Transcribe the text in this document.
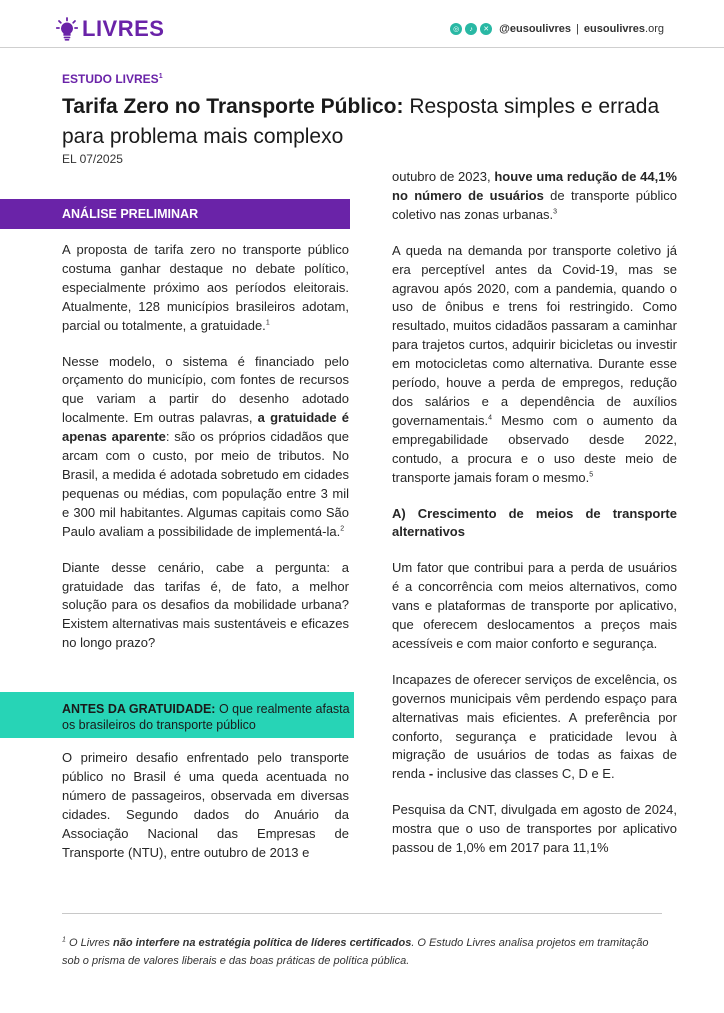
LIVRES	◎	♪	✕ @eusoulivres | eusoulivres.org
ESTUDO LIVRES$^1$
Tarifa Zero no Transporte Público: Resposta simples e errada para problema mais complexo
EL 07/2025
ANÁLISE PRELIMINAR

A proposta de tarifa zero no transporte público costuma ganhar destaque no debate político, especialmente próximo aos períodos eleitorais. Atualmente, 128 municípios brasileiros adotam, parcial ou totalmente, a gratuidade.$^1$

Nesse modelo, o sistema é financiado pelo orçamento do município, com fontes de recursos que variam a partir do desenho adotado localmente. Em outras palavras, a gratuidade é apenas aparente: são os próprios cidadãos que arcam com o custo, por meio de tributos. No Brasil, a medida é adotada sobretudo em cidades pequenas ou médias, com população entre 3 mil e 300 mil habitantes. Algumas capitais como São Paulo avaliam a possibilidade de implementá-la.$^2$

Diante desse cenário, cabe a pergunta: a gratuidade das tarifas é, de fato, a melhor solução para os desafios da mobilidade urbana? Existem alternativas mais sustentáveis e eficazes no longo prazo?

ANTES DA GRATUIDADE: O que realmente afasta os brasileiros do transporte público

O primeiro desafio enfrentado pelo transporte público no Brasil é uma queda acentuada no número de passageiros, observada em diversas cidades. Segundo dados do Anuário da Associação Nacional das Empresas de Transporte (NTU), entre outubro de 2013 e

outubro de 2023, houve uma redução de 44,1% no número de usuários de transporte público coletivo nas zonas urbanas.$^3$

A queda na demanda por transporte coletivo já era perceptível antes da Covid-19, mas se agravou após 2020, com a pandemia, quando o uso de ônibus e trens foi restringido. Como resultado, muitos cidadãos passaram a caminhar para trajetos curtos, adquirir bicicletas ou investir em motocicletas como alternativa. Durante esse período, houve a perda de empregos, redução dos salários e a dependência de auxílios governamentais.$^4$ Mesmo com o aumento da empregabilidade observado desde 2022, contudo, a procura e o uso deste meio de transporte jamais foram o mesmo.$^5$

A) Crescimento de meios de transporte alternativos

Um fator que contribui para a perda de usuários é a concorrência com meios alternativos, como vans e plataformas de transporte por aplicativo, que oferecem deslocamentos a preços mais acessíveis e com maior conforto e segurança.

Incapazes de oferecer serviços de excelência, os governos municipais vêm perdendo espaço para alternativas mais eficientes. A preferência por conforto, segurança e praticidade levou à migração de usuários de todas as faixas de renda - inclusive das classes C, D e E.

Pesquisa da CNT, divulgada em agosto de 2024, mostra que o uso de transportes por aplicativo passou de 1,0% em 2017 para 11,1%

$^1$ O Livres não interfere na estratégia política de líderes certificados. O Estudo Livres analisa projetos em tramitação sob o prisma de valores liberais e das boas práticas de política pública.
